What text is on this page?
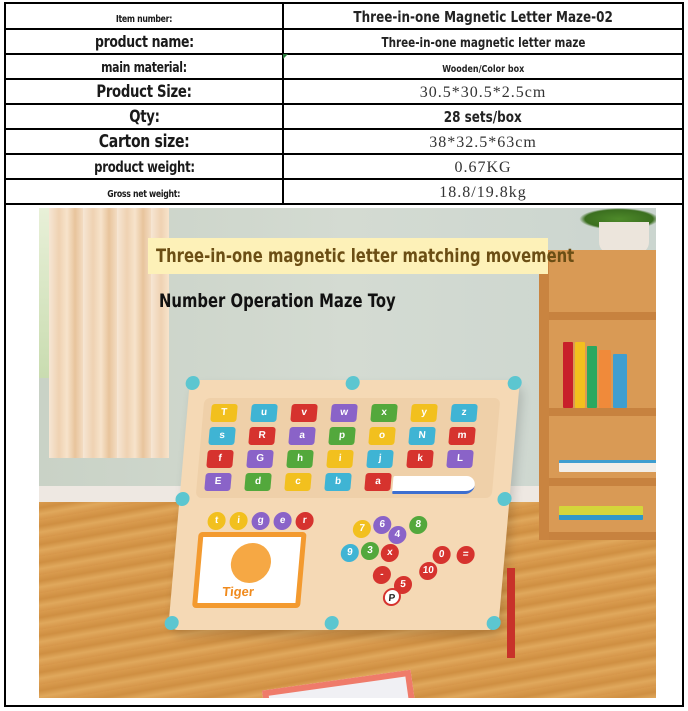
Item number:	Three-in-one Magnetic Letter Maze-02
product name:	Three-in-one magnetic letter maze
main material:	Wooden/Color box
Product Size:	30.5*30.5*2.5cm
Qty:	28 sets/box
Carton size:	38*32.5*63cm
product weight:	0.67KG
Gross net weight:	18.8/19.8kg
Three-in-one magnetic letter matching movement
Number Operation Maze Toy
T	u	v	w	x	y	z
s	R	a	p	o	N	m
f	G	h	i	j	k	L
E	d	c	b	a
t	i	g	e	r
Tiger
7	6
4
8
9	3	x
-
5
10
0	=
P
